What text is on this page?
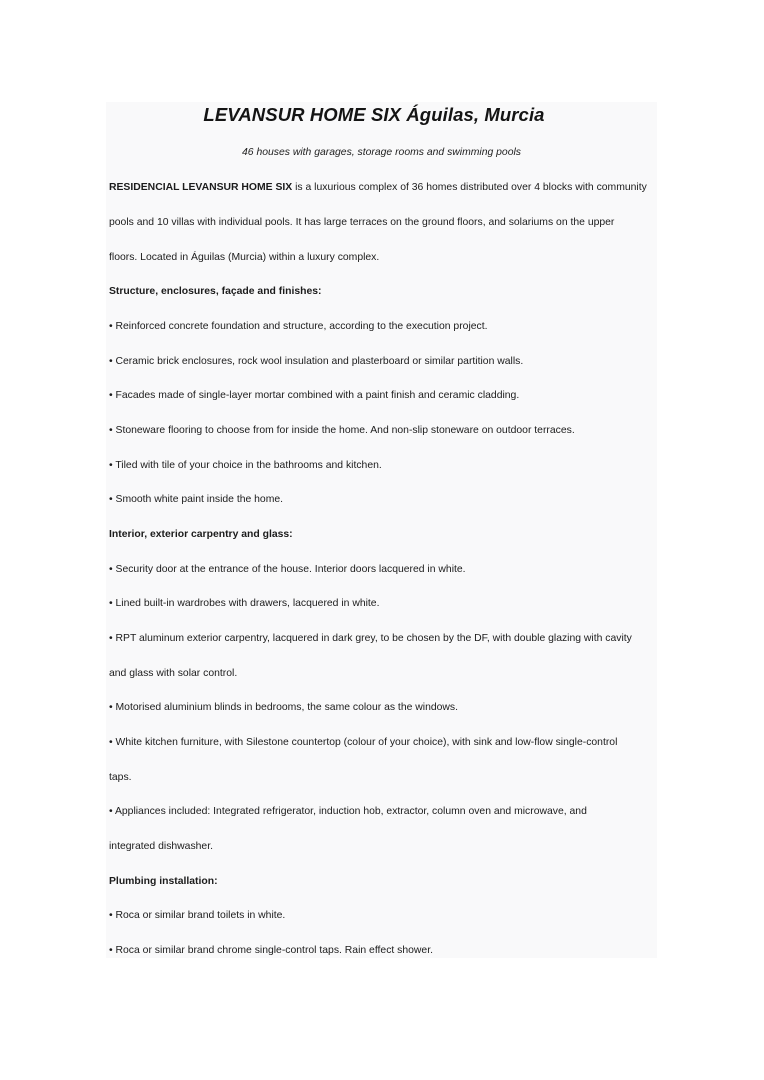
LEVANSUR HOME SIX Águilas, Murcia
46 houses with garages, storage rooms and swimming pools
RESIDENCIAL LEVANSUR HOME SIX is a luxurious complex of 36 homes distributed over 4 blocks with community
pools and 10 villas with individual pools. It has large terraces on the ground floors, and solariums on the upper
floors. Located in Águilas (Murcia) within a luxury complex.
Structure, enclosures, façade and finishes:
• Reinforced concrete foundation and structure, according to the execution project.
• Ceramic brick enclosures, rock wool insulation and plasterboard or similar partition walls.
• Facades made of single-layer mortar combined with a paint finish and ceramic cladding.
• Stoneware flooring to choose from for inside the home. And non-slip stoneware on outdoor terraces.
• Tiled with tile of your choice in the bathrooms and kitchen.
• Smooth white paint inside the home.
Interior, exterior carpentry and glass:
• Security door at the entrance of the house. Interior doors lacquered in white.
• Lined built-in wardrobes with drawers, lacquered in white.
• RPT aluminum exterior carpentry, lacquered in dark grey, to be chosen by the DF, with double glazing with cavity
and glass with solar control.
• Motorised aluminium blinds in bedrooms, the same colour as the windows.
• White kitchen furniture, with Silestone countertop (colour of your choice), with sink and low-flow single-control
taps.
• Appliances included: Integrated refrigerator, induction hob, extractor, column oven and microwave, and
integrated dishwasher.
Plumbing installation:
• Roca or similar brand toilets in white.
• Roca or similar brand chrome single-control taps. Rain effect shower.
